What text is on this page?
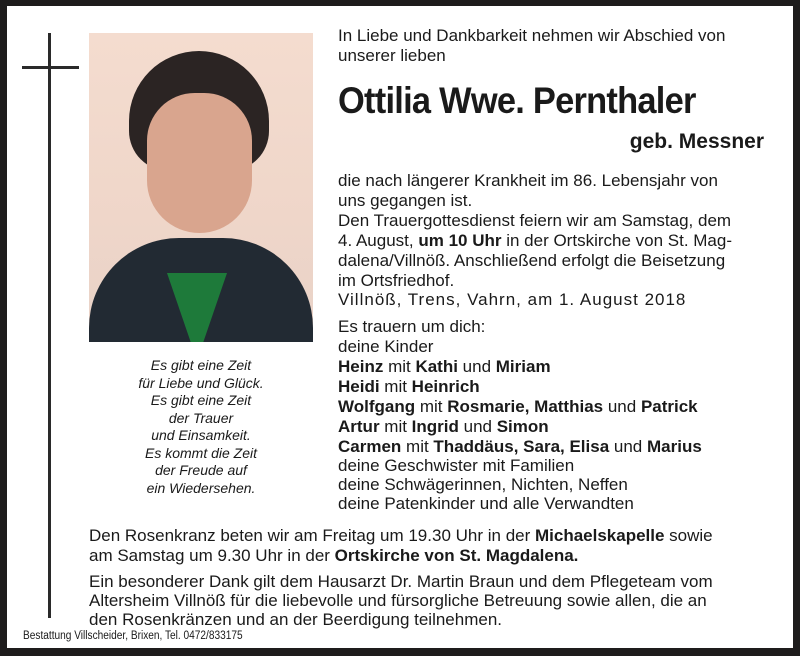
Es gibt eine Zeit
für Liebe und Glück.
Es gibt eine Zeit
der Trauer
und Einsamkeit.
Es kommt die Zeit
der Freude auf
ein Wiedersehen.
In Liebe und Dankbarkeit nehmen wir Abschied von
unserer lieben
Ottilia Wwe. Pernthaler
geb. Messner
die nach längerer Krankheit im 86. Lebensjahr von
uns gegangen ist.
Den Trauergottesdienst feiern wir am Samstag, dem
4. August, um 10 Uhr in der Ortskirche von St. Mag-
dalena/Villnöß. Anschließend erfolgt die Beisetzung
im Ortsfriedhof.
Villnöß, Trens, Vahrn, am 1. August 2018
Es trauern um dich:
deine Kinder
Heinz mit Kathi und Miriam
Heidi mit Heinrich
Wolfgang mit Rosmarie, Matthias und Patrick
Artur mit Ingrid und Simon
Carmen mit Thaddäus, Sara, Elisa und Marius
deine Geschwister mit Familien
deine Schwägerinnen, Nichten, Neffen
deine Patenkinder und alle Verwandten
Den Rosenkranz beten wir am Freitag um 19.30 Uhr in der Michaelskapelle sowie
am Samstag um 9.30 Uhr in der Ortskirche von St. Magdalena.
Ein besonderer Dank gilt dem Hausarzt Dr. Martin Braun und dem Pflegeteam vom
Altersheim Villnöß für die liebevolle und fürsorgliche Betreuung sowie allen, die an
den Rosenkränzen und an der Beerdigung teilnehmen.
Bestattung Villscheider, Brixen, Tel. 0472/833175
